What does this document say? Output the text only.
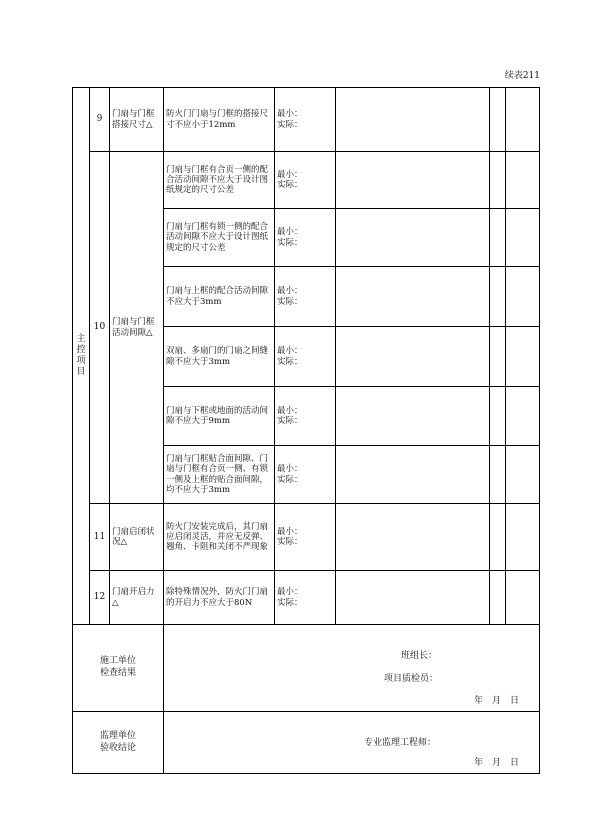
续表211
主控项目	9	门扇与门框搭接尺寸△	防火门门扇与门框的搭接尺寸不应小于12mm	最小：
实际：			

	10	门扇与门框活动间隙△	门扇与门框有合页一侧的配合活动间隙不应大于设计图纸规定的尺寸公差	最小：
实际：			

			门扇与门框有锁一侧的配合活动间隙不应大于设计图纸规定的尺寸公差	最小：
实际：			

			门扇与上框的配合活动间隙不应大于3mm	最小：
实际：			

			双扇、多扇门的门扇之间缝隙不应大于3mm	最小：
实际：			

			门扇与下框或地面的活动间隙不应大于9mm	最小：
实际：			

			门扇与门框贴合面间隙、门扇与门框有合页一侧、有锁一侧及上框的贴合面间隙，均不应大于3mm	最小：
实际：			

	11	门扇启闭状况△	防火门安装完成后，其门扇应启闭灵活，并应无反弹、翘角、卡阻和关闭不严现象	最小：
实际：			

	12	门扇开启力△	除特殊情况外，防火门门扇的开启力不应大于80N	最小：
实际：			

施工单位检查结果			班组长：
项目质检员：
年　月　日				

监理单位验收结论			专业监理工程师：
年　月　日				
